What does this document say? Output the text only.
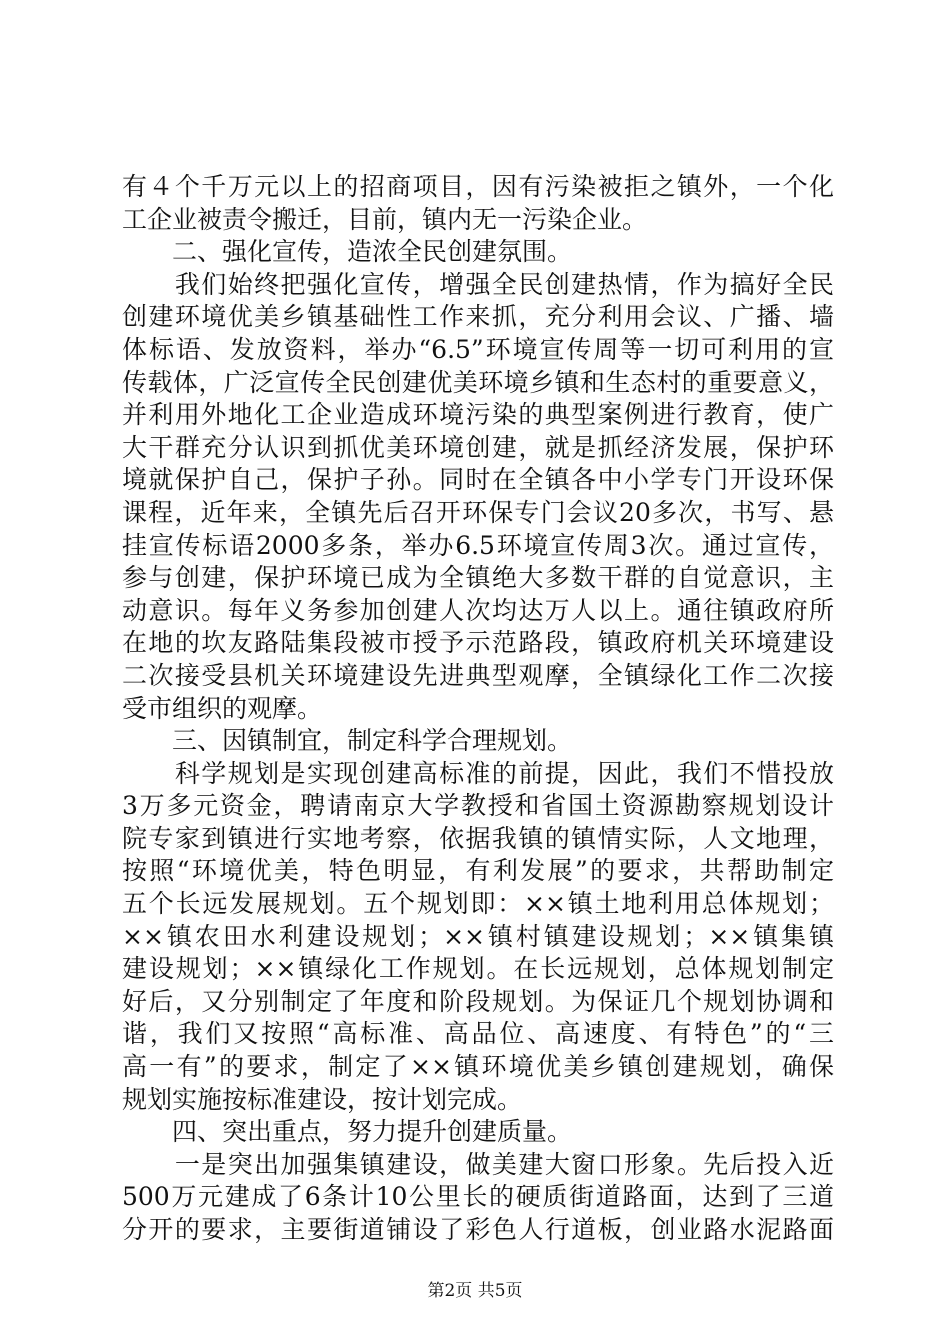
有４个千万元以上的招商项目，因有污染被拒之镇外，一个化
工企业被责令搬迁，目前，镇内无一污染企业。
　　二、强化宣传，造浓全民创建氛围。
　　我们始终把强化宣传，增强全民创建热情，作为搞好全民
创建环境优美乡镇基础性工作来抓，充分利用会议、广播、墙
体标语、发放资料，举办“6.5”环境宣传周等一切可利用的宣
传载体，广泛宣传全民创建优美环境乡镇和生态村的重要意义，
并利用外地化工企业造成环境污染的典型案例进行教育，使广
大干群充分认识到抓优美环境创建，就是抓经济发展，保护环
境就保护自己，保护子孙。同时在全镇各中小学专门开设环保
课程，近年来，全镇先后召开环保专门会议20多次，书写、悬
挂宣传标语2000多条，举办6.5环境宣传周3次。通过宣传，
参与创建，保护环境已成为全镇绝大多数干群的自觉意识，主
动意识。每年义务参加创建人次均达万人以上。通往镇政府所
在地的坎友路陆集段被市授予示范路段，镇政府机关环境建设
二次接受县机关环境建设先进典型观摩，全镇绿化工作二次接
受市组织的观摩。
　　三、因镇制宜，制定科学合理规划。
　　科学规划是实现创建高标准的前提，因此，我们不惜投放
3万多元资金，聘请南京大学教授和省国土资源勘察规划设计
院专家到镇进行实地考察，依据我镇的镇情实际，人文地理，
按照“环境优美，特色明显，有利发展”的要求，共帮助制定
五个长远发展规划。五个规划即：××镇土地利用总体规划；
××镇农田水利建设规划；××镇村镇建设规划；××镇集镇
建设规划；××镇绿化工作规划。在长远规划，总体规划制定
好后，又分别制定了年度和阶段规划。为保证几个规划协调和
谐，我们又按照“高标准、高品位、高速度、有特色”的“三
高一有”的要求，制定了××镇环境优美乡镇创建规划，确保
规划实施按标准建设，按计划完成。
　　四、突出重点，努力提升创建质量。
　　一是突出加强集镇建设，做美建大窗口形象。先后投入近
500万元建成了6条计10公里长的硬质街道路面，达到了三道
分开的要求，主要街道铺设了彩色人行道板，创业路水泥路面
第2页 共5页
